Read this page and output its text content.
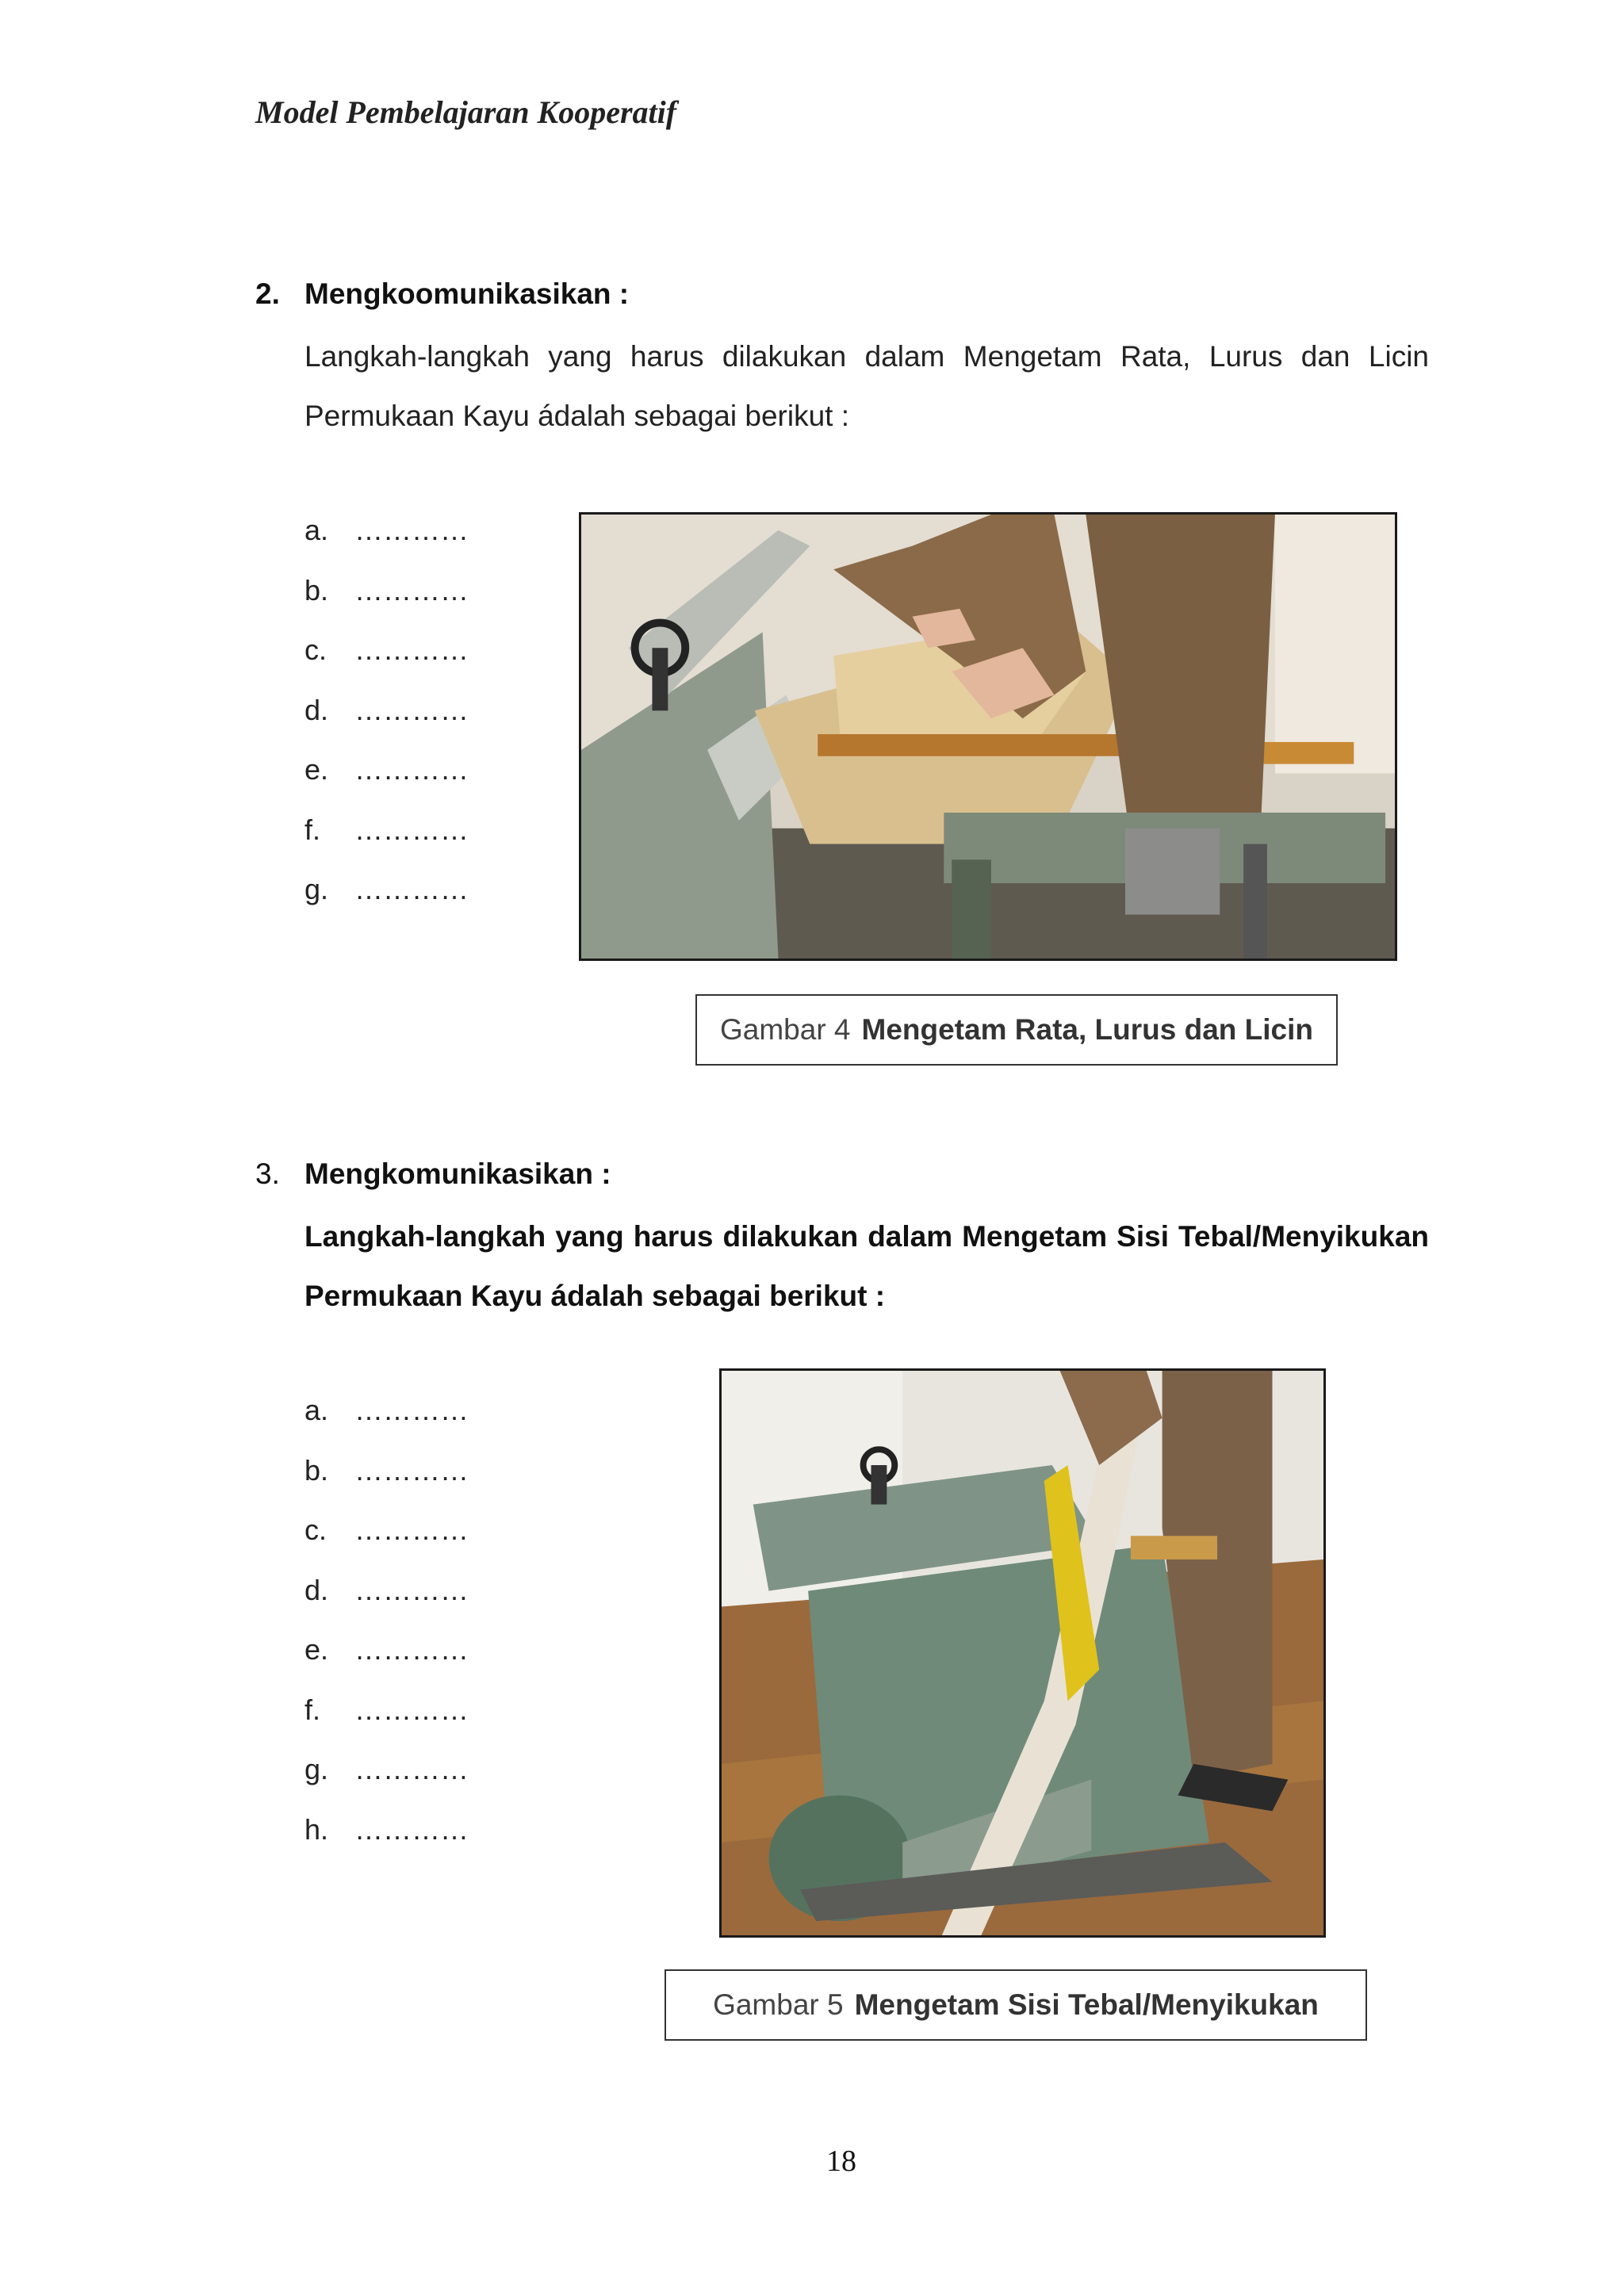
Model Pembelajaran Kooperatif
2. Mengkoomunikasikan :
Langkah-langkah yang harus dilakukan dalam Mengetam Rata, Lurus dan Licin
Permukaan Kayu ádalah sebagai berikut :
a. …………
b. …………
c. …………
d. …………
e. …………
f. …………
g. …………
Gambar 4 Mengetam Rata, Lurus dan Licin
3. Mengkomunikasikan :
Langkah-langkah yang harus dilakukan dalam Mengetam Sisi Tebal/Menyikukan
Permukaan Kayu ádalah sebagai berikut :
a. …………
b. …………
c. …………
d. …………
e. …………
f. …………
g. …………
h. …………
Gambar 5 Mengetam Sisi Tebal/Menyikukan
18
